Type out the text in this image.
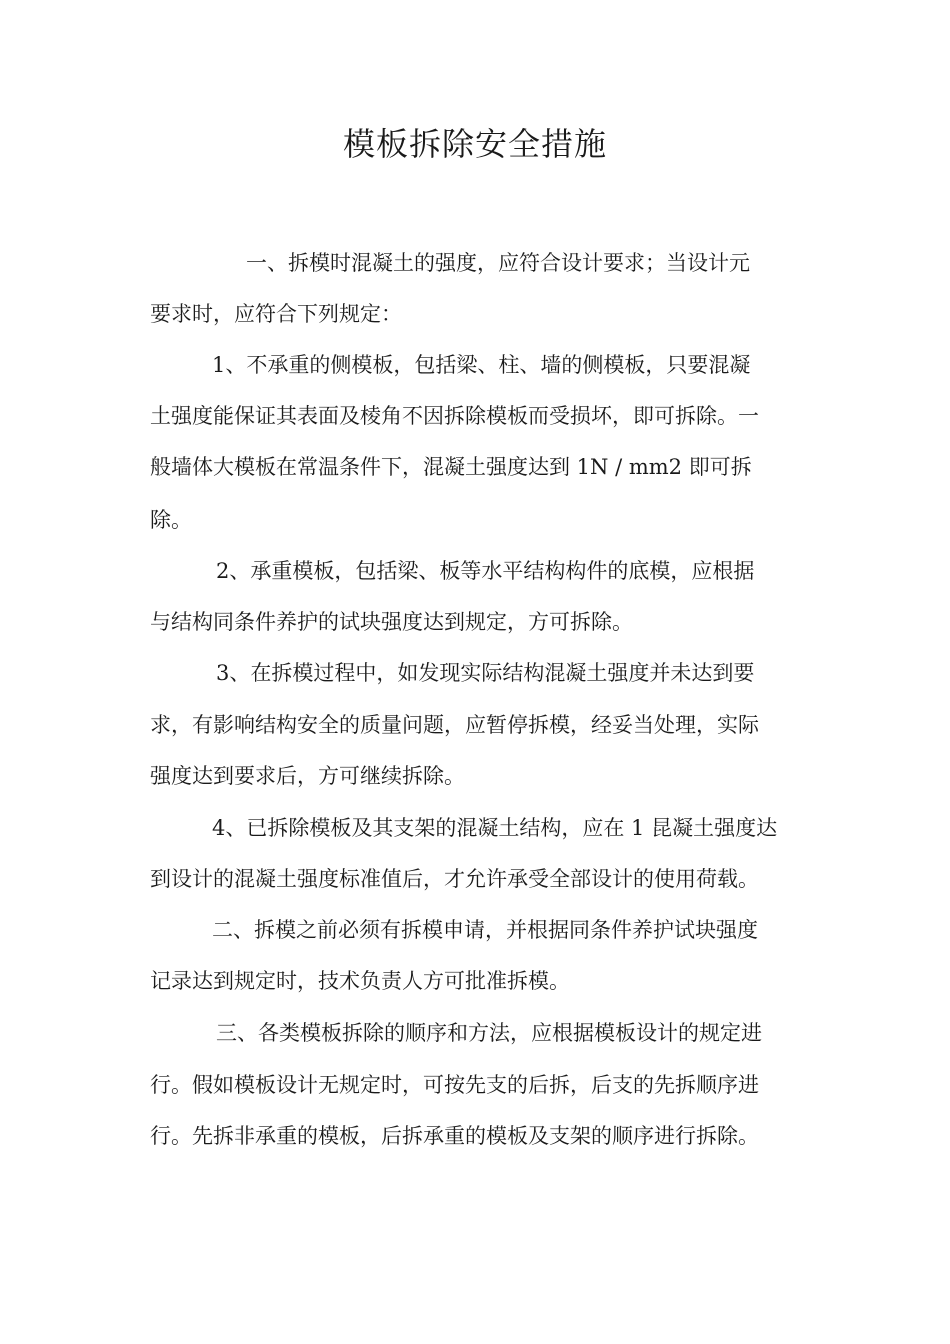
模板拆除安全措施

一、拆模时混凝土的强度，应符合设计要求；当设计元

要求时，应符合下列规定：

1、不承重的侧模板，包括梁、柱、墙的侧模板，只要混凝

土强度能保证其表面及棱角不因拆除模板而受损坏，即可拆除。一

般墙体大模板在常温条件下，混凝土强度达到 1N / mm2 即可拆

除。

2、承重模板，包括梁、板等水平结构构件的底模，应根据

与结构同条件养护的试块强度达到规定，方可拆除。

3、在拆模过程中，如发现实际结构混凝土强度并未达到要

求，有影响结构安全的质量问题，应暂停拆模，经妥当处理，实际

强度达到要求后，方可继续拆除。

4、已拆除模板及其支架的混凝土结构，应在 1 昆凝土强度达

到设计的混凝土强度标准值后，才允许承受全部设计的使用荷载。

二、拆模之前必须有拆模申请，并根据同条件养护试块强度

记录达到规定时，技术负责人方可批准拆模。

三、各类模板拆除的顺序和方法，应根据模板设计的规定进

行。假如模板设计无规定时，可按先支的后拆，后支的先拆顺序进

行。先拆非承重的模板，后拆承重的模板及支架的顺序进行拆除。
